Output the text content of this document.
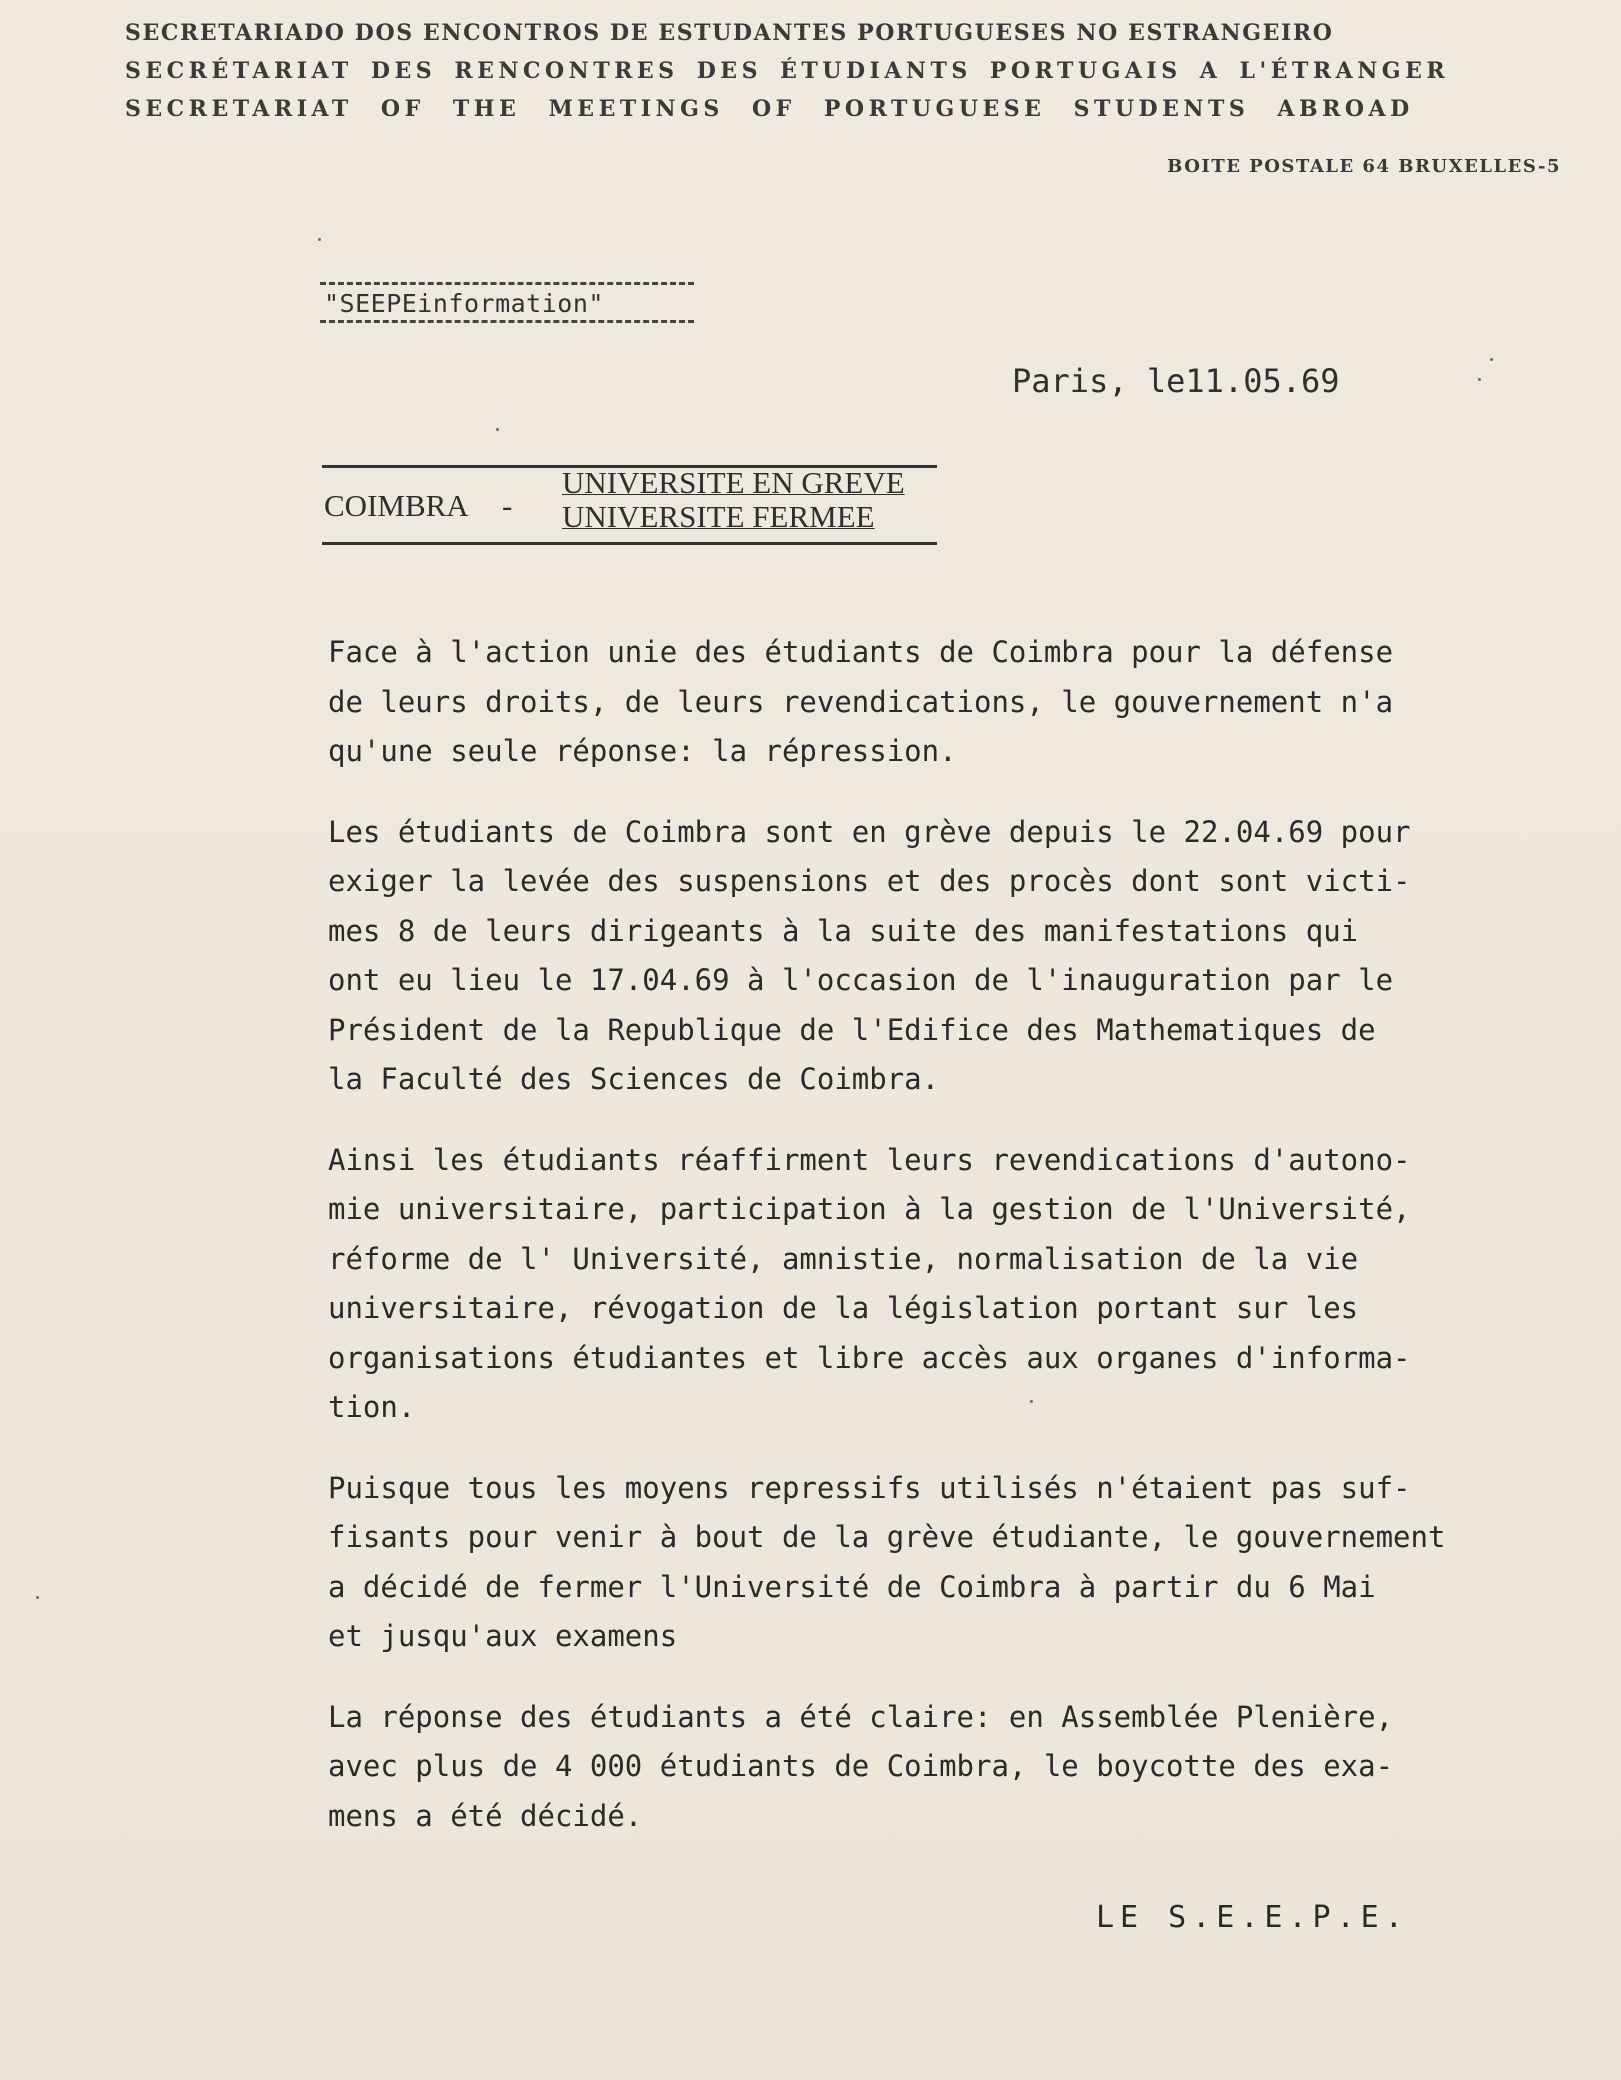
SECRETARIADO DOS ENCONTROS DE ESTUDANTES PORTUGUESES NO ESTRANGEIRO
SECRÉTARIAT DES RENCONTRES DES ÉTUDIANTS PORTUGAIS A L'ÉTRANGER
SECRETARIAT OF THE MEETINGS OF PORTUGUESE STUDENTS ABROAD
BOITE POSTALE 64 BRUXELLES-5
"SEEPEinformation"
Paris, le11.05.69
COIMBRA -
UNIVERSITE EN GREVE
UNIVERSITE FERMEE

Face à l'action unie des étudiants de Coimbra pour la défense
de leurs droits, de leurs revendications, le gouvernement n'a
qu'une seule réponse: la répression.

Les étudiants de Coimbra sont en grève depuis le 22.04.69 pour
exiger la levée des suspensions et des procès dont sont victi-
mes 8 de leurs dirigeants à la suite des manifestations qui
ont eu lieu le 17.04.69 à l'occasion de l'inauguration par le
Président de la Republique de l'Edifice des Mathematiques de
la Faculté des Sciences de Coimbra.

Ainsi les étudiants réaffirment leurs revendications d'autono-
mie universitaire, participation à la gestion de l'Université,
réforme de l' Université, amnistie, normalisation de la vie
universitaire, révogation de la législation portant sur les
organisations étudiantes et libre accès aux organes d'informa-
tion.

Puisque tous les moyens repressifs utilisés n'étaient pas suf-
fisants pour venir à bout de la grève étudiante, le gouvernement
a décidé de fermer l'Université de Coimbra à partir du 6 Mai
et jusqu'aux examens

La réponse des étudiants a été claire: en Assemblée Plenière,
avec plus de 4 000 étudiants de Coimbra, le boycotte des exa-
mens a été décidé.

LE S.E.E.P.E.
